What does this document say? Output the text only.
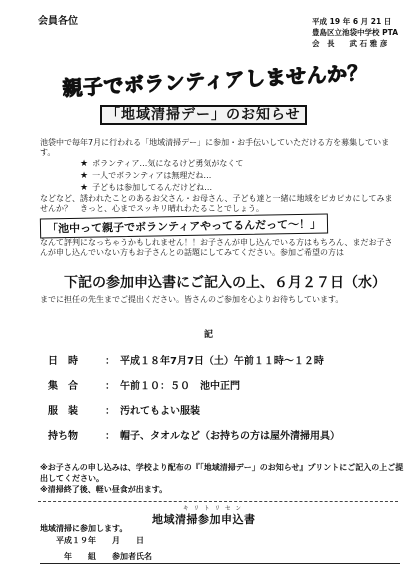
会員各位	平成 19 年 6 月 21 日
豊島区立池袋中学校 PTA
会　長　　武 石 雅 彦
親子でボランティアしませんか？
「地域清掃デー」のお知らせ
池袋中で毎年7月に行われる「地域清掃デー」に参加・お手伝いしていただける方を募集しています。
★ ボランティア…気になるけど勇気がなくて
★ 一人でボランティアは無理だね…
★ 子どもは参加してるんだけどね…
などなど、誘われたことのあるお父さん・お母さん、子ども達と一緒に地域をピカピカにしてみませんか？　きっと、心までスッキリ晴れわたることでしょう。
「池中って親子でボランティアやってるんだって〜！」
なんて評判になっちゃうかもしれません！！お子さんが申し込んでいる方はもちろん、まだお子さんが申し込んでいない方もお子さんとの話題にしてみてください。参加ご希望の方は
下記の参加申込書にご記入の上、６月２７日（水）
までに担任の先生までご提出ください。皆さんのご参加を心よりお待ちしています。
記
日　時	： 平成１８年7月7日（土）午前１１時～１２時
集　合	： 午前１０：５０　池中正門
服　装	： 汚れてもよい服装
持ち物	： 帽子、タオルなど（お持ちの方は屋外清掃用具）
※お子さんの申し込みは、学校より配布の『「地域清掃デー」のお知らせ』プリントにご記入の上ご提出してください。
※清掃終了後、軽い昼食が出ます。
キリトリセン
地域清掃参加申込書
地域清掃に参加します。
平成１９年　　月　　日
年　　組　　参加者氏名
